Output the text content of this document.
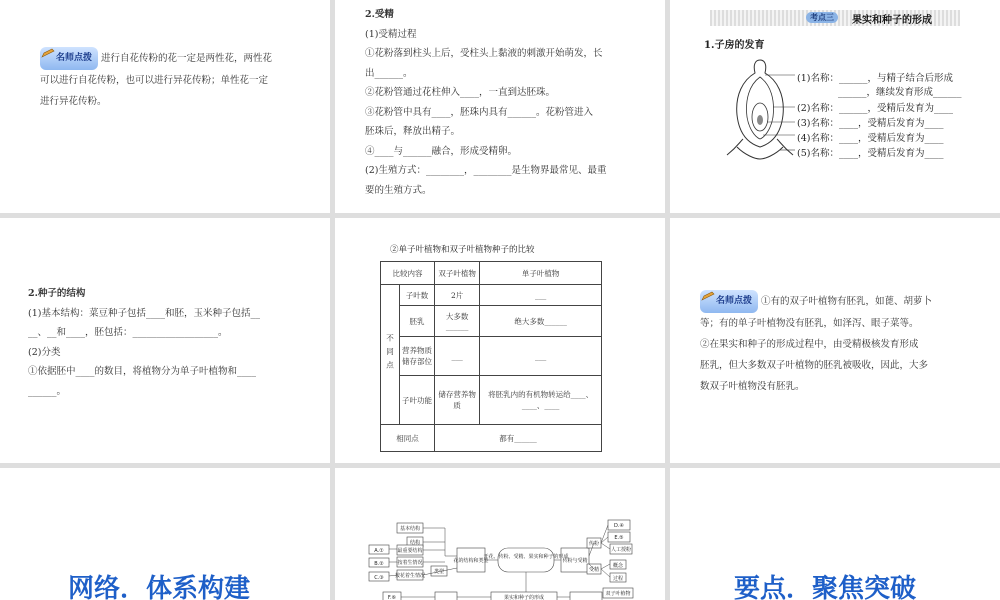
名师点拨 进行自花传粉的花一定是两性花，两性花
可以进行自花传粉，也可以进行异花传粉；单性花一定
进行异花传粉。

2.受精

(1)受精过程

①花粉落到柱头上后，受柱头上黏液的刺激开始萌发，长

出______。

②花粉管通过花柱伸入____，一直到达胚珠。

③花粉管中具有____，胚珠内具有______。花粉管进入

胚珠后，释放出精子。

④____与______融合，形成受精卵。

(2)生殖方式：________，________是生物界最常见、最重

要的生殖方式。

考点三	果实和种子的形成
1.子房的发育
(1)名称：______，与精子结合后形成
______，继续发育形成______
(2)名称：______，受精后发育为____
(3)名称：____，受精后发育为____
(4)名称：____，受精后发育为____
(5)名称：____，受精后发育为____

2.种子的结构

(1)基本结构：菜豆种子包括____和胚，玉米种子包括__

__、__和____，胚包括：__________________。

(2)分类

①依据胚中____的数目，将植物分为单子叶植物和____

______。

②单子叶植物和双子叶植物种子的比较
比较内容		双子叶植物	单子叶植物
不同点	子叶数	2片	___
	胚乳	大多数______	绝大多数______
	营养物质储存部位	___	___
	子叶功能	储存营养物质	将胚乳内的有机物转运给____、____、____
相同点		都有______	
名师点拨 ①有的双子叶植物有胚乳，如蓖、胡萝卜
等；有的单子叶植物没有胚乳，如泽泻、眼子菜等。
②在果实和种子的形成过程中，由受精极核发育形成
胚乳，但大多数双子叶植物的胚乳被吸收，因此，大多
数双子叶植物没有胚乳。
网络．体系构建
开花、传粉、受精、果实和种子的形成
花的结构和类型	传粉与受精
基本结构
结构
最重要结构
按着生情况
按花着生情况
类型
A.①
B.②
C.③
传粉
受精
D.④
E.⑤
人工授粉
概念
过程
果实和种子的形成
F.⑥
双子叶植物	要点．聚焦突破
